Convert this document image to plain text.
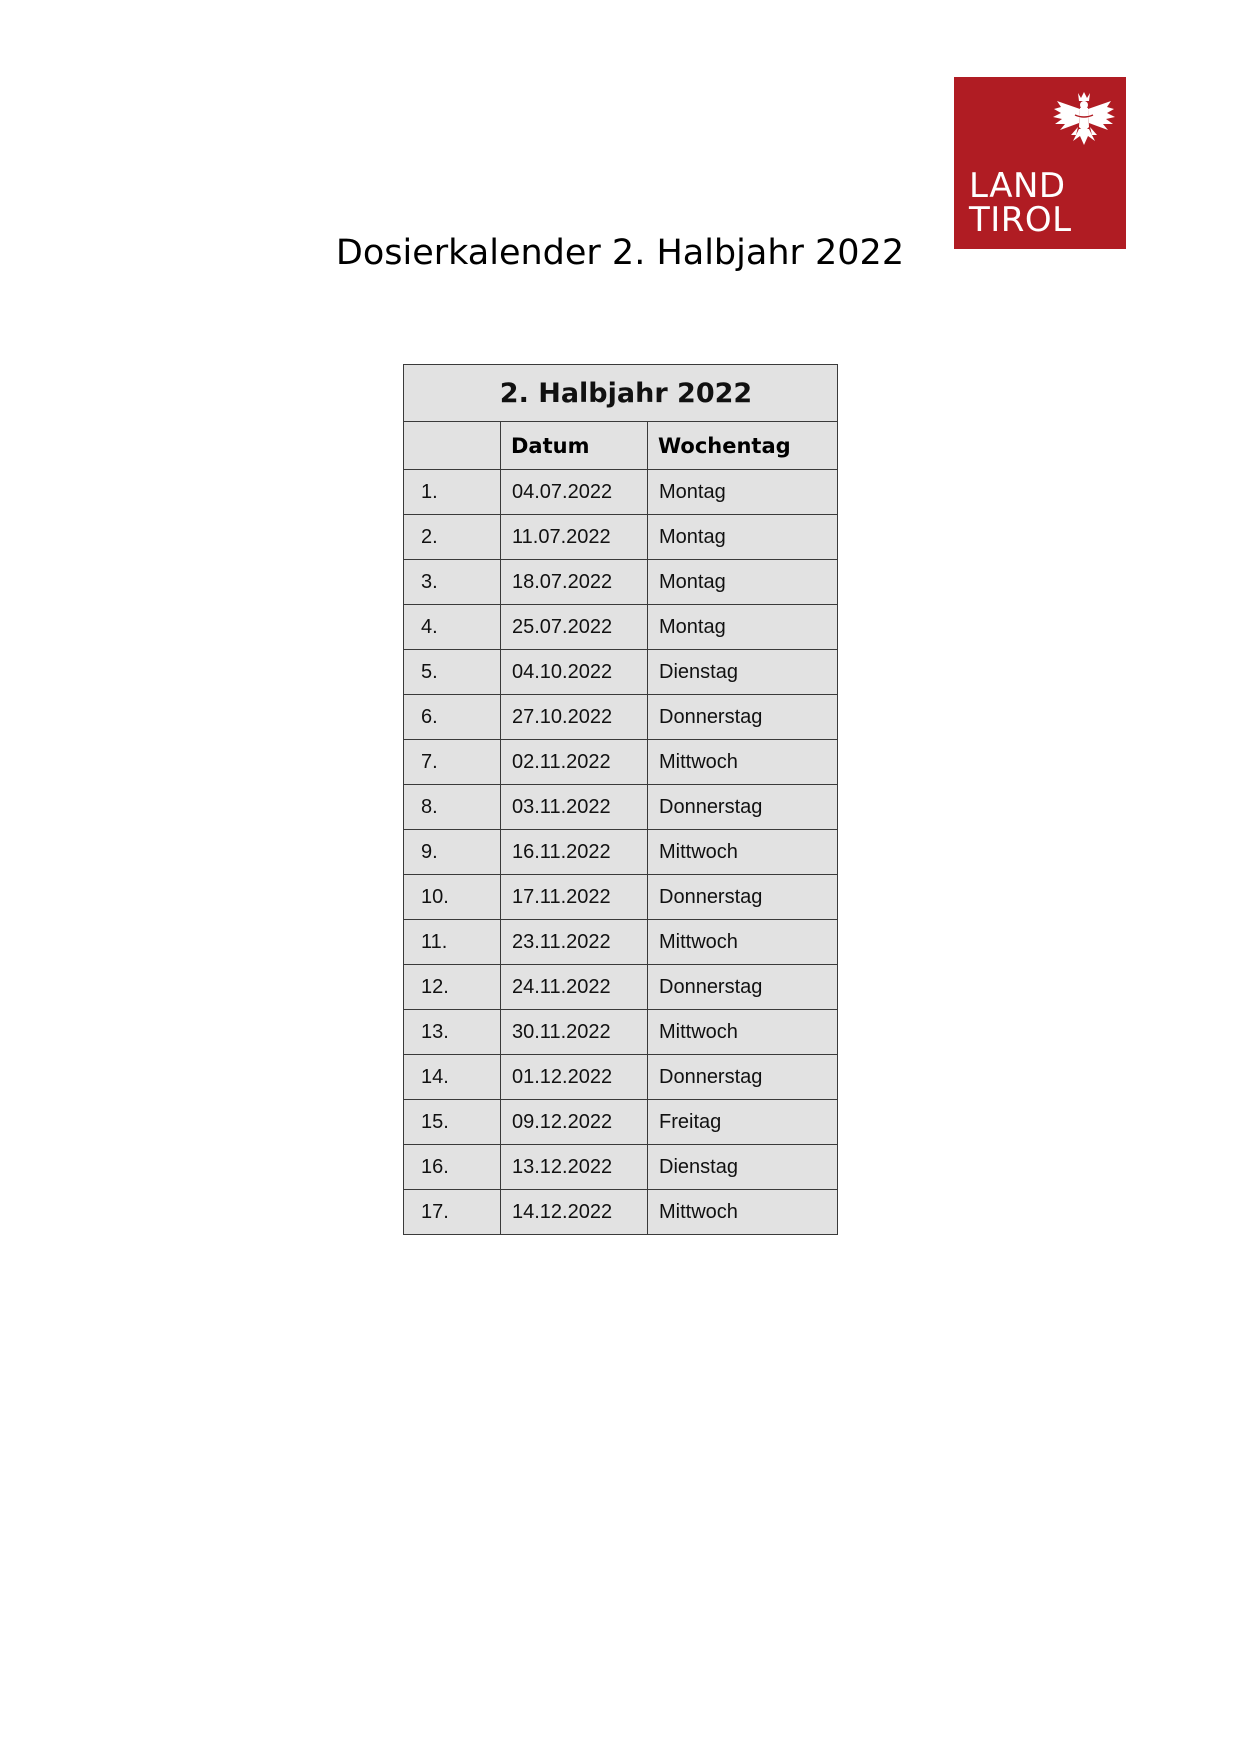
LAND
TIROL
Dosierkalender 2. Halbjahr 2022
2. Halbjahr 2022		
	Datum	Wochentag
1.	04.07.2022	Montag
2.	11.07.2022	Montag
3.	18.07.2022	Montag
4.	25.07.2022	Montag
5.	04.10.2022	Dienstag
6.	27.10.2022	Donnerstag
7.	02.11.2022	Mittwoch
8.	03.11.2022	Donnerstag
9.	16.11.2022	Mittwoch
10.	17.11.2022	Donnerstag
11.	23.11.2022	Mittwoch
12.	24.11.2022	Donnerstag
13.	30.11.2022	Mittwoch
14.	01.12.2022	Donnerstag
15.	09.12.2022	Freitag
16.	13.12.2022	Dienstag
17.	14.12.2022	Mittwoch
